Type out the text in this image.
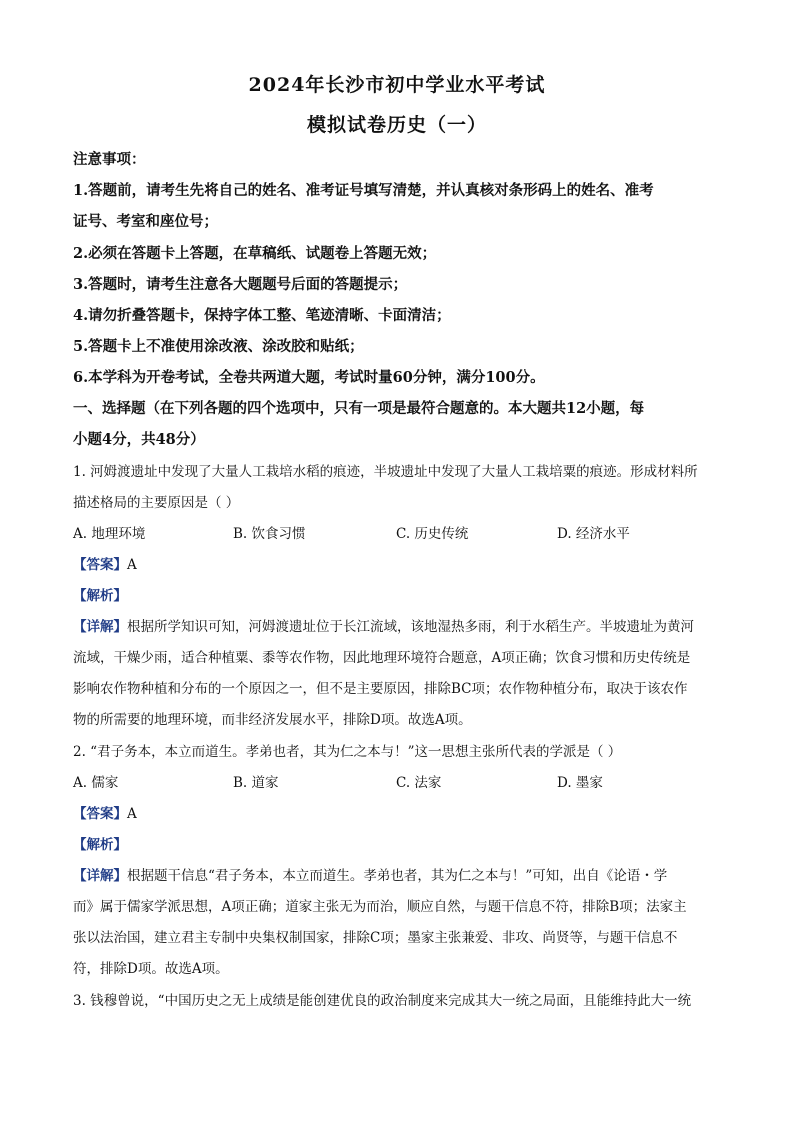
2024年长沙市初中学业水平考试
模拟试卷历史（一）
注意事项：
1.答题前，请考生先将自己的姓名、准考证号填写清楚，并认真核对条形码上的姓名、准考
证号、考室和座位号；
2.必须在答题卡上答题，在草稿纸、试题卷上答题无效；
3.答题时，请考生注意各大题题号后面的答题提示；
4.请勿折叠答题卡，保持字体工整、笔迹清晰、卡面清洁；
5.答题卡上不准使用涂改液、涂改胶和贴纸；
6.本学科为开卷考试，全卷共两道大题，考试时量60分钟，满分100分。
一、选择题（在下列各题的四个选项中，只有一项是最符合题意的。本大题共12小题，每
小题4分，共48分）
1. 河姆渡遗址中发现了大量人工栽培水稻的痕迹，半坡遗址中发现了大量人工栽培粟的痕迹。形成材料所
描述格局的主要原因是（ ）
A. 地理环境	B. 饮食习惯	C. 历史传统	D. 经济水平
【答案】A
【解析】
【详解】根据所学知识可知，河姆渡遗址位于长江流域，该地湿热多雨，利于水稻生产。半坡遗址为黄河
流域，干燥少雨，适合种植粟、黍等农作物，因此地理环境符合题意，A项正确；饮食习惯和历史传统是
影响农作物种植和分布的一个原因之一，但不是主要原因，排除BC项；农作物种植分布，取决于该农作
物的所需要的地理环境，而非经济发展水平，排除D项。故选A项。
2. “君子务本，本立而道生。孝弟也者，其为仁之本与！”这一思想主张所代表的学派是（ ）
A. 儒家	B. 道家	C. 法家	D. 墨家
【答案】A
【解析】
【详解】根据题干信息“君子务本，本立而道生。孝弟也者，其为仁之本与！”可知，出自《论语・学
而》属于儒家学派思想，A项正确；道家主张无为而治，顺应自然，与题干信息不符，排除B项；法家主
张以法治国，建立君主专制中央集权制国家，排除C项；墨家主张兼爱、非攻、尚贤等，与题干信息不
符，排除D项。故选A项。
3. 钱穆曾说，“中国历史之无上成绩是能创建优良的政治制度来完成其大一统之局面，且能维持此大一统
